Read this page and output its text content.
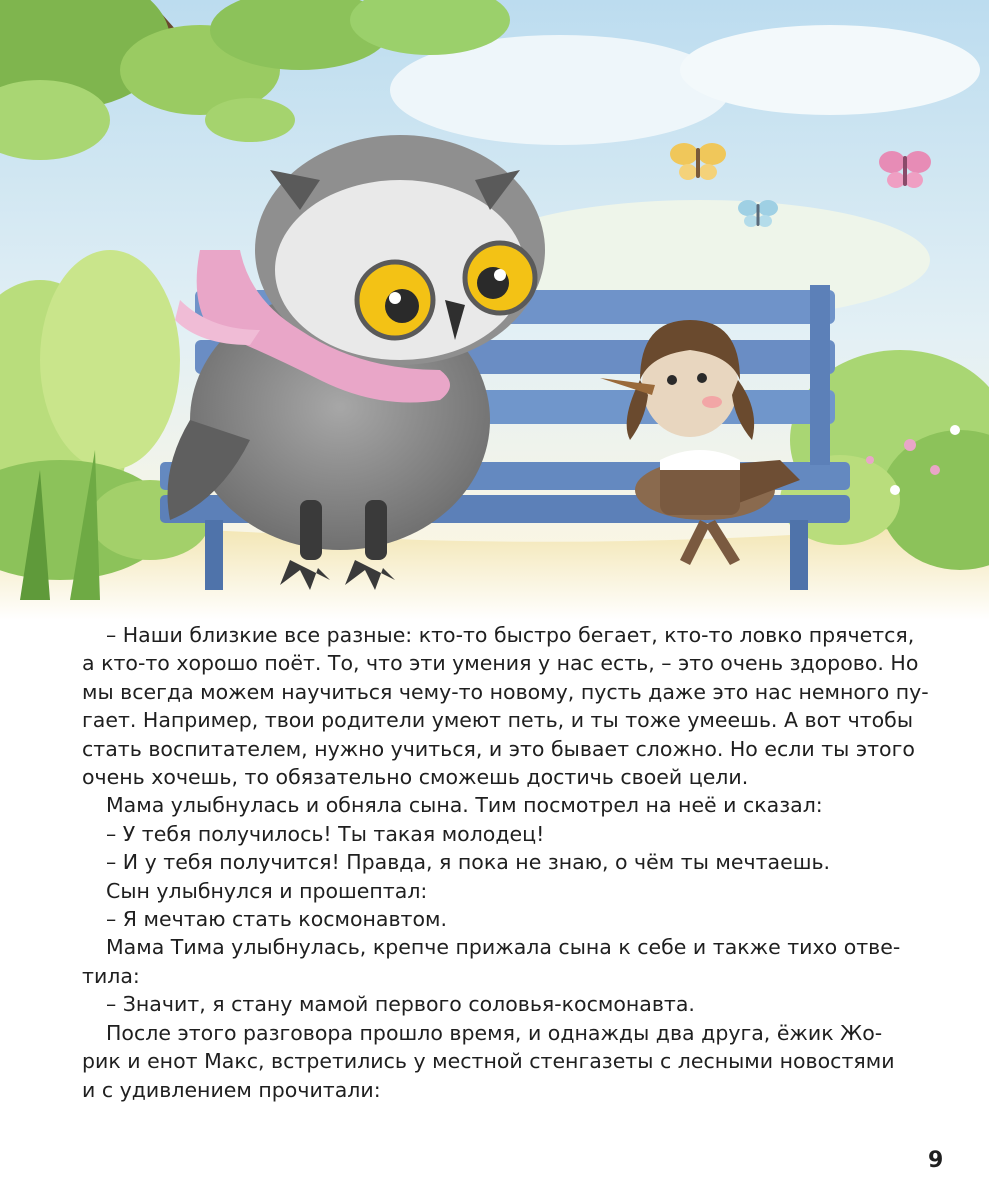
– Наши близкие все разные: кто-то быстро бегает, кто-то ловко прячется,

а кто-то хорошо поёт. То, что эти умения у нас есть, – это очень здорово. Но

мы всегда можем научиться чему-то новому, пусть даже это нас немного пу-

гает. Например, твои родители умеют петь, и ты тоже умеешь. А вот чтобы

стать воспитателем, нужно учиться, и это бывает сложно. Но если ты этого

очень хочешь, то обязательно сможешь достичь своей цели.

Мама улыбнулась и обняла сына. Тим посмотрел на неё и сказал:

– У тебя получилось! Ты такая молодец!

– И у тебя получится! Правда, я пока не знаю, о чём ты мечтаешь.

Сын улыбнулся и прошептал:

– Я мечтаю стать космонавтом.

Мама Тима улыбнулась, крепче прижала сына к себе и также тихо отве-

тила:

– Значит, я стану мамой первого соловья-космонавта.

После этого разговора прошло время, и однажды два друга, ёжик Жо-

рик и енот Макс, встретились у местной стенгазеты с лесными новостями

и с удивлением прочитали:

9
